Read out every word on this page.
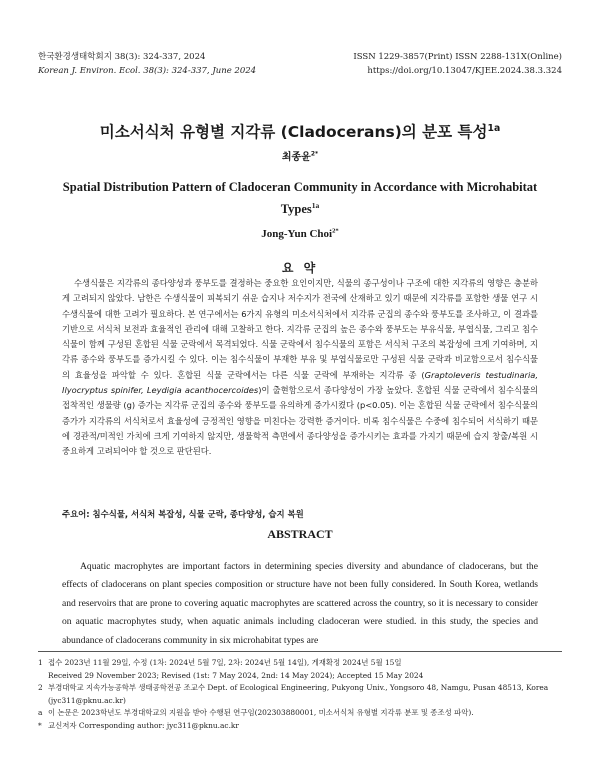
한국환경생태학회지 38(3): 324-337, 2024
Korean J. Environ. Ecol. 38(3): 324-337, June 2024
ISSN 1229-3857(Print) ISSN 2288-131X(Online)
https://doi.org/10.13047/KJEE.2024.38.3.324
미소서식처 유형별 지각류 (Cladocerans)의 분포 특성$^{1a}$
최종윤$^{2*}$
Spatial Distribution Pattern of Cladoceran Community in Accordance with Microhabitat Types$^{1a}$
Jong-Yun Choi$^{2*}$
요 약
수생식물은 지각류의 종다양성과 풍부도를 결정하는 중요한 요인이지만, 식물의 종구성이나 구조에 대한 지각류의 영향은 충분하게 고려되지 않았다. 남한은 수생식물이 피복되기 쉬운 습지나 저수지가 전국에 산재하고 있기 때문에 지각류를 포함한 생물 연구 시 수생식물에 대한 고려가 필요하다. 본 연구에서는 6가지 유형의 미소서식처에서 지각류 군집의 종수와 풍부도를 조사하고, 이 결과를 기반으로 서식처 보전과 효율적인 관리에 대해 고찰하고 한다. 지각류 군집의 높은 종수와 풍부도는 부유식물, 부엽식물, 그리고 침수식물이 함께 구성된 혼합된 식물 군락에서 목격되었다. 식물 군락에서 침수식물의 포함은 서식처 구조의 복잡성에 크게 기여하며, 지각류 종수와 풍부도를 증가시킬 수 있다. 이는 침수식물이 부재한 부유 및 부엽식물로만 구성된 식물 군락과 비교함으로서 침수식물의 효율성을 파악할 수 있다. 혼합된 식물 군락에서는 다른 식물 군락에 부재하는 지각류 종 (Graptoleveris testudinaria, Ilyocryptus spinifer, Leydigia acanthocercoides)이 출현함으로서 종다양성이 가장 높았다. 혼합된 식물 군락에서 침수식물의 접착적인 생물량 (g) 증가는 지각류 군집의 종수와 풍부도를 유의하게 증가시켰다 (p<0.05). 이는 혼합된 식물 군락에서 침수식물의 증가가 지각류의 서식처로서 효율성에 긍정적인 영향을 미친다는 강력한 증거이다. 비록 침수식물은 수중에 침수되어 서식하기 때문에 경관적/미적인 가치에 크게 기여하지 않지만, 생물학적 측면에서 종다양성을 증가시키는 효과를 가지기 때문에 습지 창출/복원 시 중요하게 고려되어야 할 것으로 판단된다.
주요어: 침수식물, 서식처 복잡성, 식물 군락, 종다양성, 습지 복원
ABSTRACT
Aquatic macrophytes are important factors in determining species diversity and abundance of cladocerans, but the effects of cladocerans on plant species composition or structure have not been fully considered. In South Korea, wetlands and reservoirs that are prone to covering aquatic macrophytes are scattered across the country, so it is necessary to consider on aquatic macrophytes study, when aquatic animals including cladoceran were studied. in this study, the species and abundance of cladocerans community in six microhabitat types are
1 접수 2023년 11월 29일, 수정 (1차: 2024년 5월 7일, 2차: 2024년 5월 14일), 게재확정 2024년 5월 15일
Received 29 November 2023; Revised (1st: 7 May 2024, 2nd: 14 May 2024); Accepted 15 May 2024
2 부경대학교 지속가능공학부 생태공학전공 조교수 Dept. of Ecological Engineering, Pukyong Univ., Yongsoro 48, Namgu, Pusan 48513, Korea (jyc311@pknu.ac.kr)
a 이 논문은 2023학년도 부경대학교의 지원을 받아 수행된 연구임(202303880001, 미소서식처 유형별 지각류 분포 및 종조성 파악).
* 교신저자 Corresponding author: jyc311@pknu.ac.kr
